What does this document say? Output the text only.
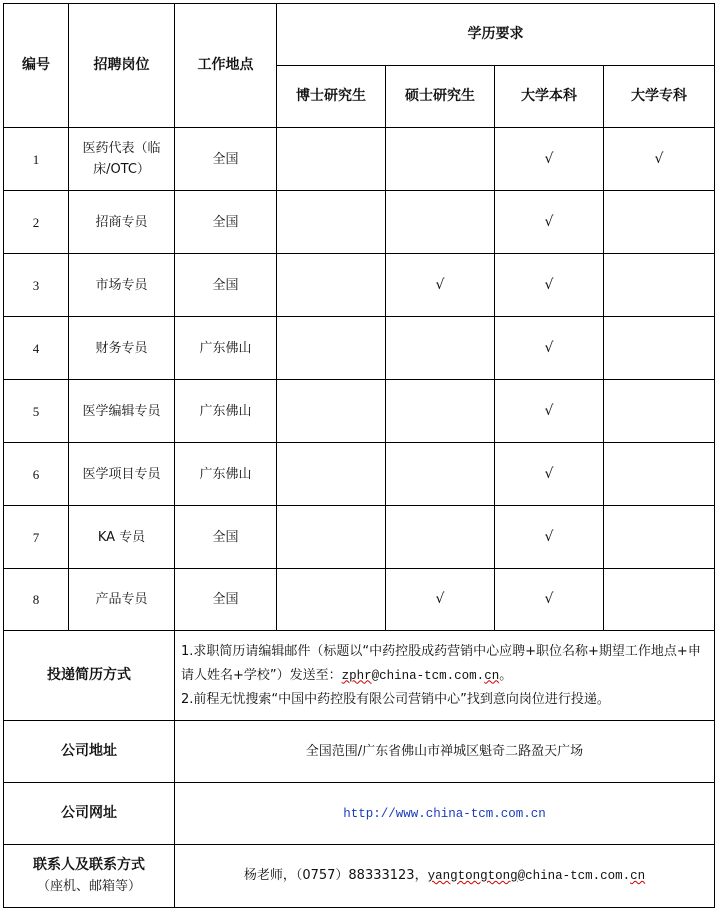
编号	招聘岗位	工作地点	学历要求			
			博士研究生	硕士研究生	大学本科	大学专科
1	医药代表（临床/OTC）	全国			√	√
2	招商专员	全国			√	
3	市场专员	全国		√	√	
4	财务专员	广东佛山			√	
5	医学编辑专员	广东佛山			√	
6	医学项目专员	广东佛山			√	
7	KA 专员	全国			√	
8	产品专员	全国		√	√	
投递简历方式		1.求职简历请编辑邮件（标题以“中药控股成药营销中心应聘+职位名称+期望工作地点+申请人姓名+学校”）发送至：zphr@china-tcm.com.cn。
2.前程无忧搜索“中国中药控股有限公司营销中心”找到意向岗位进行投递。				

公司地址		全国范围/广东省佛山市禅城区魁奇二路盈天广场				
公司网址		http://www.china-tcm.com.cn				

联系人及联系方式
（座机、邮箱等）		杨老师，（0757）88333123，yangtongtong@china-tcm.com.cn				
